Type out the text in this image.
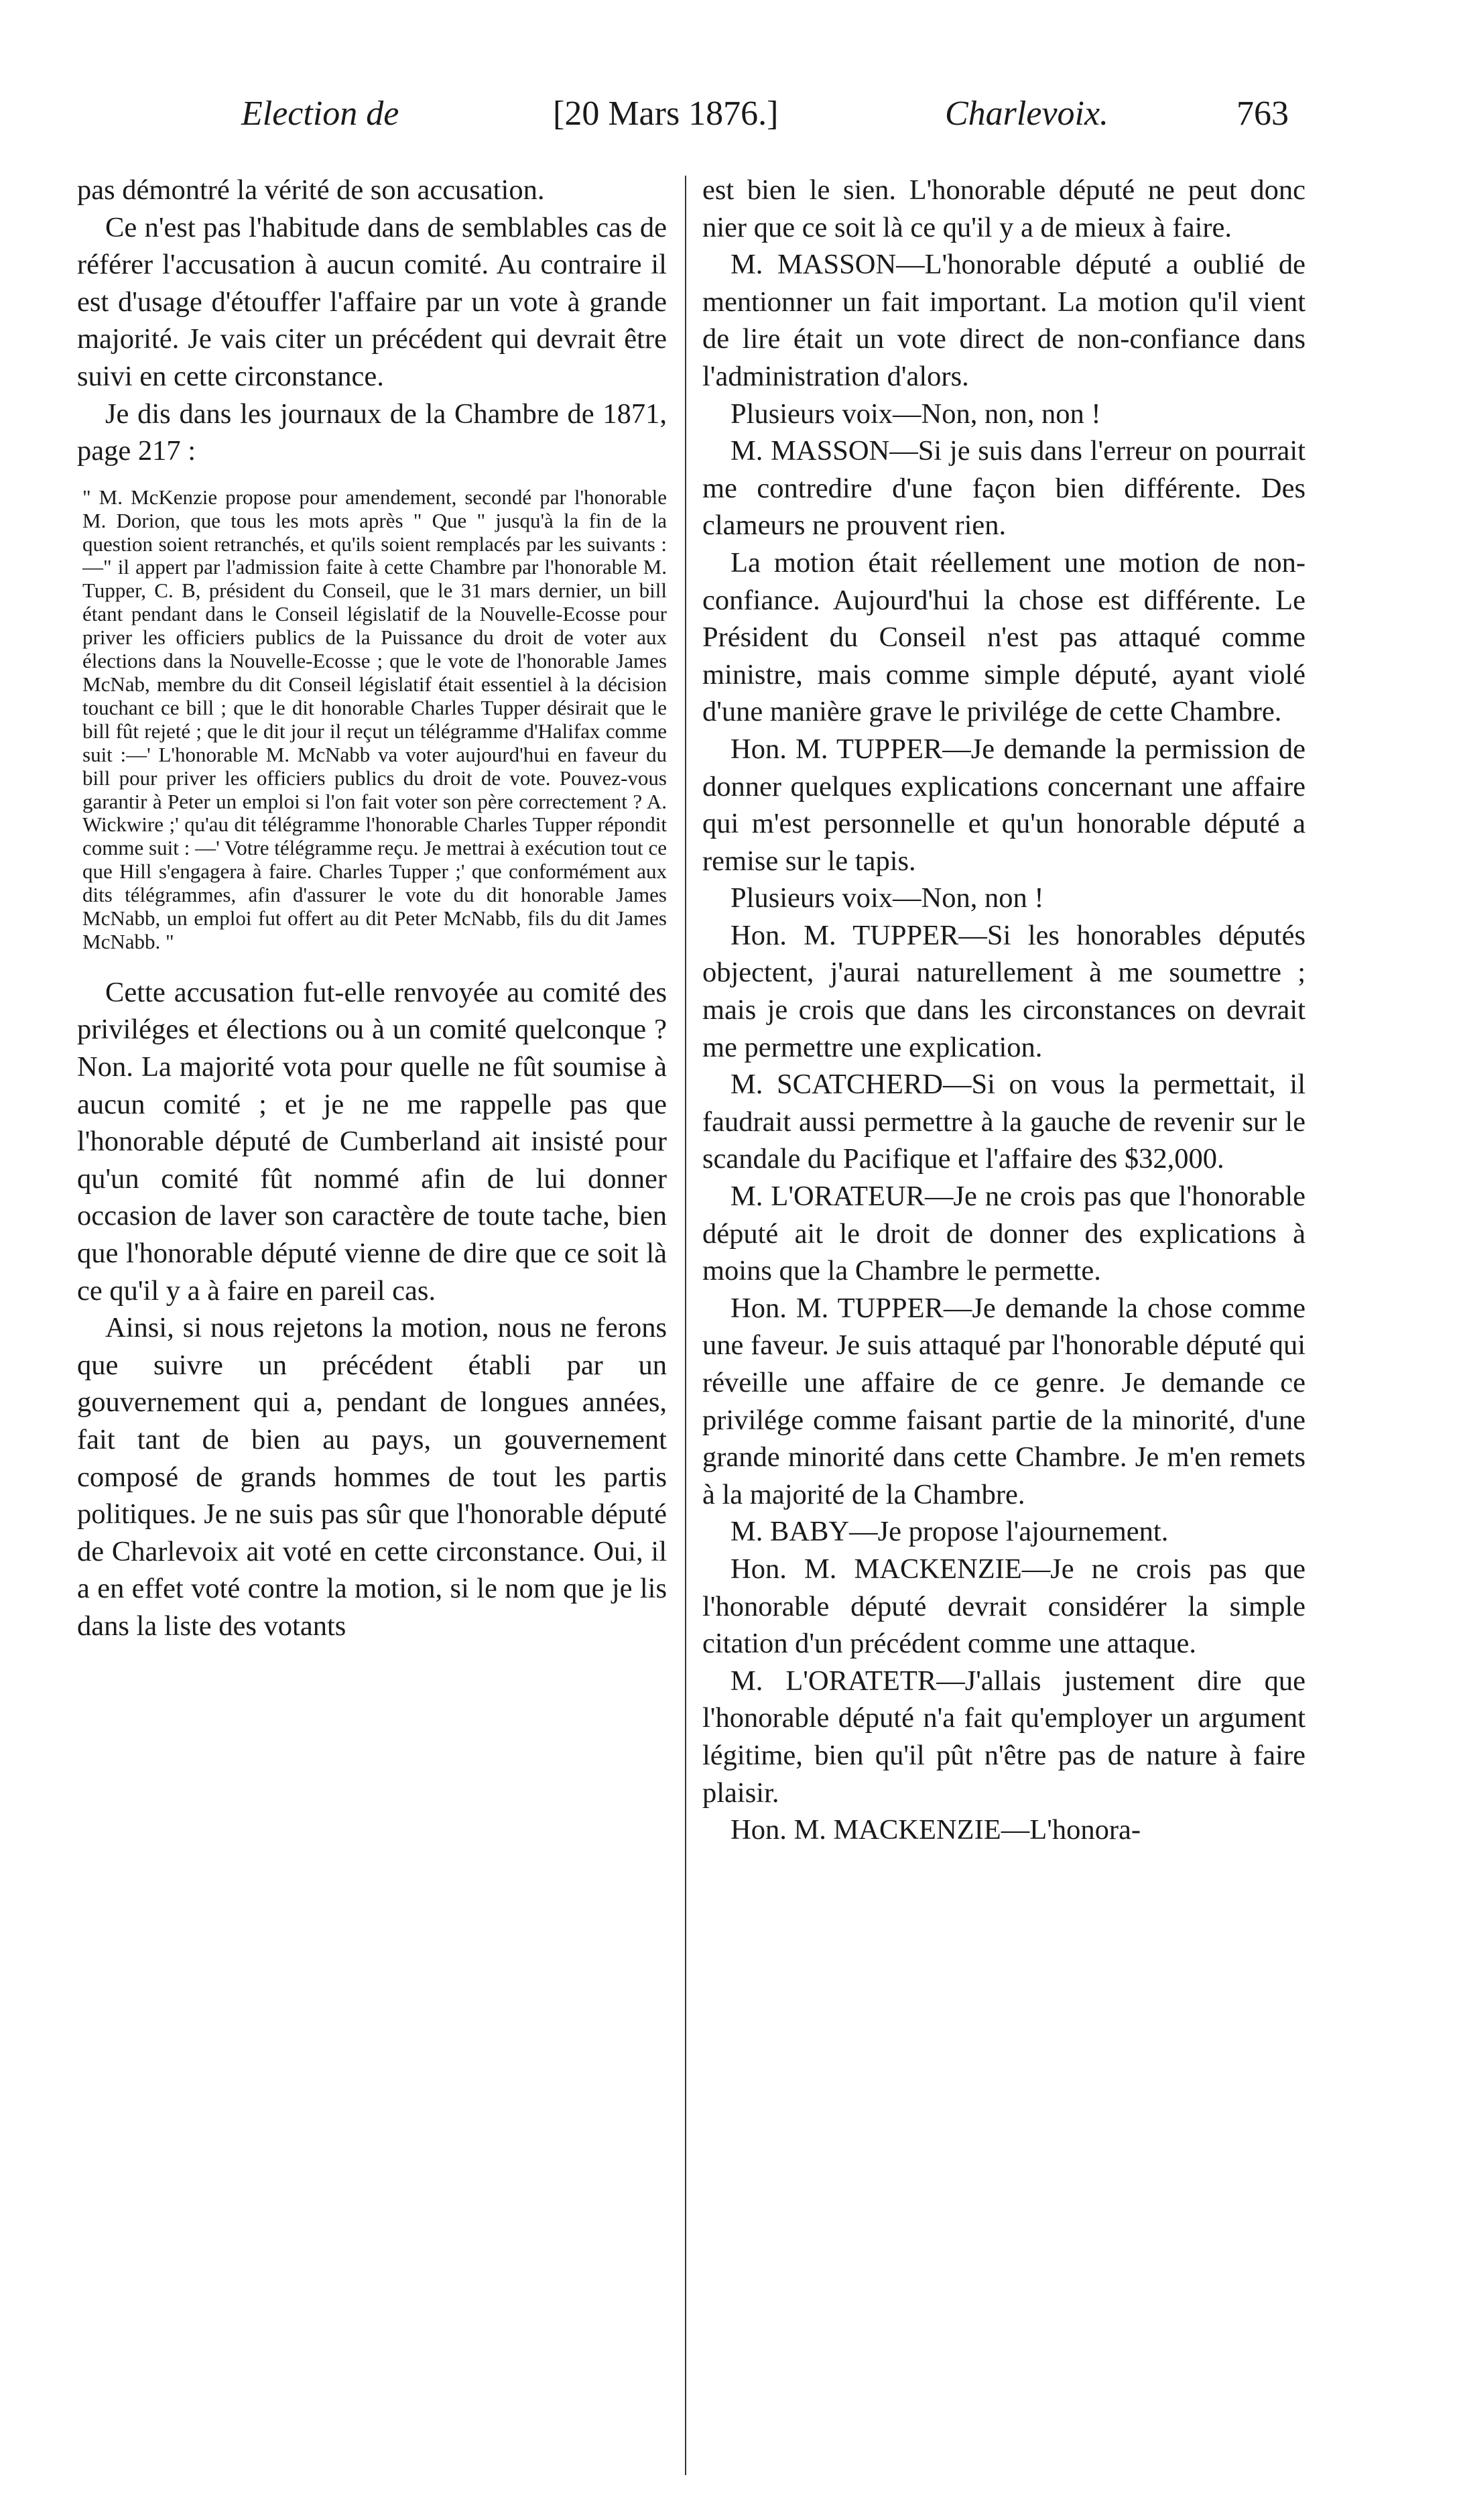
Election de	[20 Mars 1876.]	Charlevoix.	763

pas démontré la vérité de son accusation.

Ce n'est pas l'habitude dans de semblables cas de référer l'accusation à aucun comité. Au contraire il est d'usage d'étouffer l'affaire par un vote à grande majorité. Je vais citer un précédent qui devrait être suivi en cette circonstance.

Je dis dans les journaux de la Chambre de 1871, page 217 :

" M. McKenzie propose pour amendement, secondé par l'honorable M. Dorion, que tous les mots après " Que " jusqu'à la fin de la question soient retranchés, et qu'ils soient remplacés par les suivants :—" il appert par l'admission faite à cette Chambre par l'honorable M. Tupper, C. B, président du Conseil, que le 31 mars dernier, un bill étant pendant dans le Conseil législatif de la Nouvelle-Ecosse pour priver les officiers publics de la Puissance du droit de voter aux élections dans la Nouvelle-Ecosse ; que le vote de l'honorable James McNab, membre du dit Conseil législatif était essentiel à la décision touchant ce bill ; que le dit honorable Charles Tupper désirait que le bill fût rejeté ; que le dit jour il reçut un télégramme d'Halifax comme suit :—' L'honorable M. McNabb va voter aujourd'hui en faveur du bill pour priver les officiers publics du droit de vote. Pouvez-vous garantir à Peter un emploi si l'on fait voter son père correctement ? A. Wickwire ;' qu'au dit télégramme l'honorable Charles Tupper répondit comme suit : —' Votre télégramme reçu. Je mettrai à exécution tout ce que Hill s'engagera à faire. Charles Tupper ;' que conformément aux dits télégrammes, afin d'assurer le vote du dit honorable James McNabb, un emploi fut offert au dit Peter McNabb, fils du dit James McNabb. "

Cette accusation fut-elle renvoyée au comité des priviléges et élections ou à un comité quelconque ? Non. La majorité vota pour quelle ne fût soumise à aucun comité ; et je ne me rappelle pas que l'honorable député de Cumberland ait insisté pour qu'un comité fût nommé afin de lui donner occasion de laver son caractère de toute tache, bien que l'honorable député vienne de dire que ce soit là ce qu'il y a à faire en pareil cas.

Ainsi, si nous rejetons la motion, nous ne ferons que suivre un précédent établi par un gouvernement qui a, pendant de longues années, fait tant de bien au pays, un gouvernement composé de grands hommes de tout les partis politiques. Je ne suis pas sûr que l'honorable député de Charlevoix ait voté en cette circonstance. Oui, il a en effet voté contre la motion, si le nom que je lis dans la liste des votants

est bien le sien. L'honorable député ne peut donc nier que ce soit là ce qu'il y a de mieux à faire.

M. MASSON—L'honorable député a oublié de mentionner un fait important. La motion qu'il vient de lire était un vote direct de non-confiance dans l'administration d'alors.

Plusieurs voix—Non, non, non !

M. MASSON—Si je suis dans l'erreur on pourrait me contredire d'une façon bien différente. Des clameurs ne prouvent rien.

La motion était réellement une motion de non-confiance. Aujourd'hui la chose est différente. Le Président du Conseil n'est pas attaqué comme ministre, mais comme simple député, ayant violé d'une manière grave le privilége de cette Chambre.

Hon. M. TUPPER—Je demande la permission de donner quelques explications concernant une affaire qui m'est personnelle et qu'un honorable député a remise sur le tapis.

Plusieurs voix—Non, non !

Hon. M. TUPPER—Si les honorables députés objectent, j'aurai naturellement à me soumettre ; mais je crois que dans les circonstances on devrait me permettre une explication.

M. SCATCHERD—Si on vous la permettait, il faudrait aussi permettre à la gauche de revenir sur le scandale du Pacifique et l'affaire des $32,000.

M. L'ORATEUR—Je ne crois pas que l'honorable député ait le droit de donner des explications à moins que la Chambre le permette.

Hon. M. TUPPER—Je demande la chose comme une faveur. Je suis attaqué par l'honorable député qui réveille une affaire de ce genre. Je demande ce privilége comme faisant partie de la minorité, d'une grande minorité dans cette Chambre. Je m'en remets à la majorité de la Chambre.

M. BABY—Je propose l'ajournement.

Hon. M. MACKENZIE—Je ne crois pas que l'honorable député devrait considérer la simple citation d'un précédent comme une attaque.

M. L'ORATETR—J'allais justement dire que l'honorable député n'a fait qu'employer un argument légitime, bien qu'il pût n'être pas de nature à faire plaisir.

Hon. M. MACKENZIE—L'honora-
